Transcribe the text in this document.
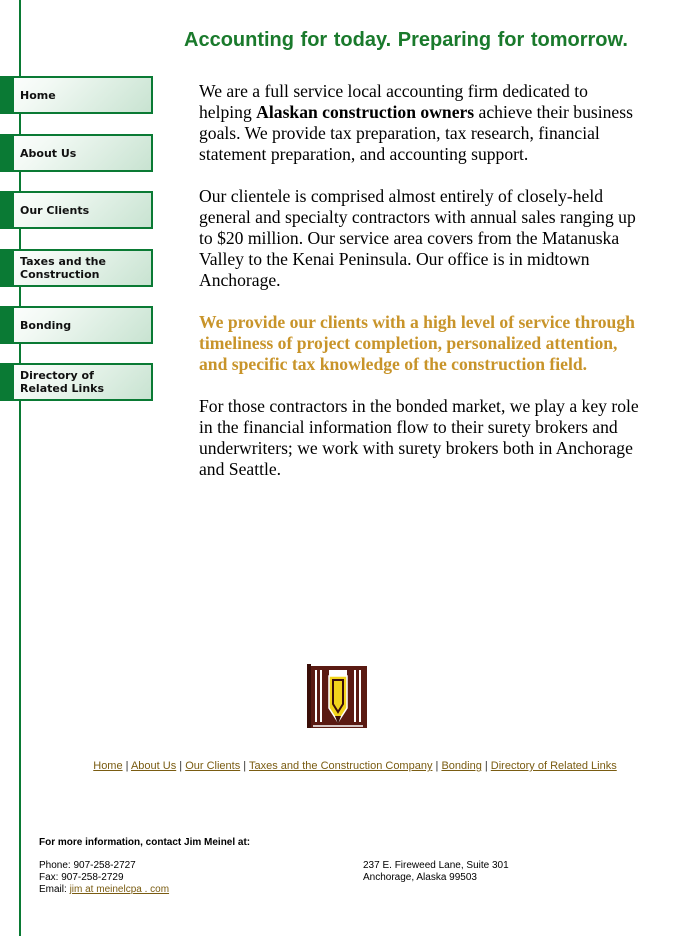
Accounting for today. Preparing for tomorrow.
Home
About Us
Our Clients
Taxes and the Construction
Bonding
Directory of Related Links

We are a full service local accounting firm dedicated to helping Alaskan construction owners achieve their business goals. We provide tax preparation, tax research, financial statement preparation, and accounting support.

Our clientele is comprised almost entirely of closely-held general and specialty contractors with annual sales ranging up to $20 million. Our service area covers from the Matanuska Valley to the Kenai Peninsula. Our office is in midtown Anchorage.

We provide our clients with a high level of service through timeliness of project completion, personalized attention, and specific tax knowledge of the construction field.

For those contractors in the bonded market, we play a key role in the financial information flow to their surety brokers and underwriters; we work with surety brokers both in Anchorage and Seattle.

Home | About Us | Our Clients | Taxes and the Construction Company | Bonding | Directory of Related Links
For more information, contact Jim Meinel at:
Phone: 907-258-2727
Fax: 907-258-2729
Email: jim at meinelcpa . com
237 E. Fireweed Lane, Suite 301
Anchorage, Alaska 99503
